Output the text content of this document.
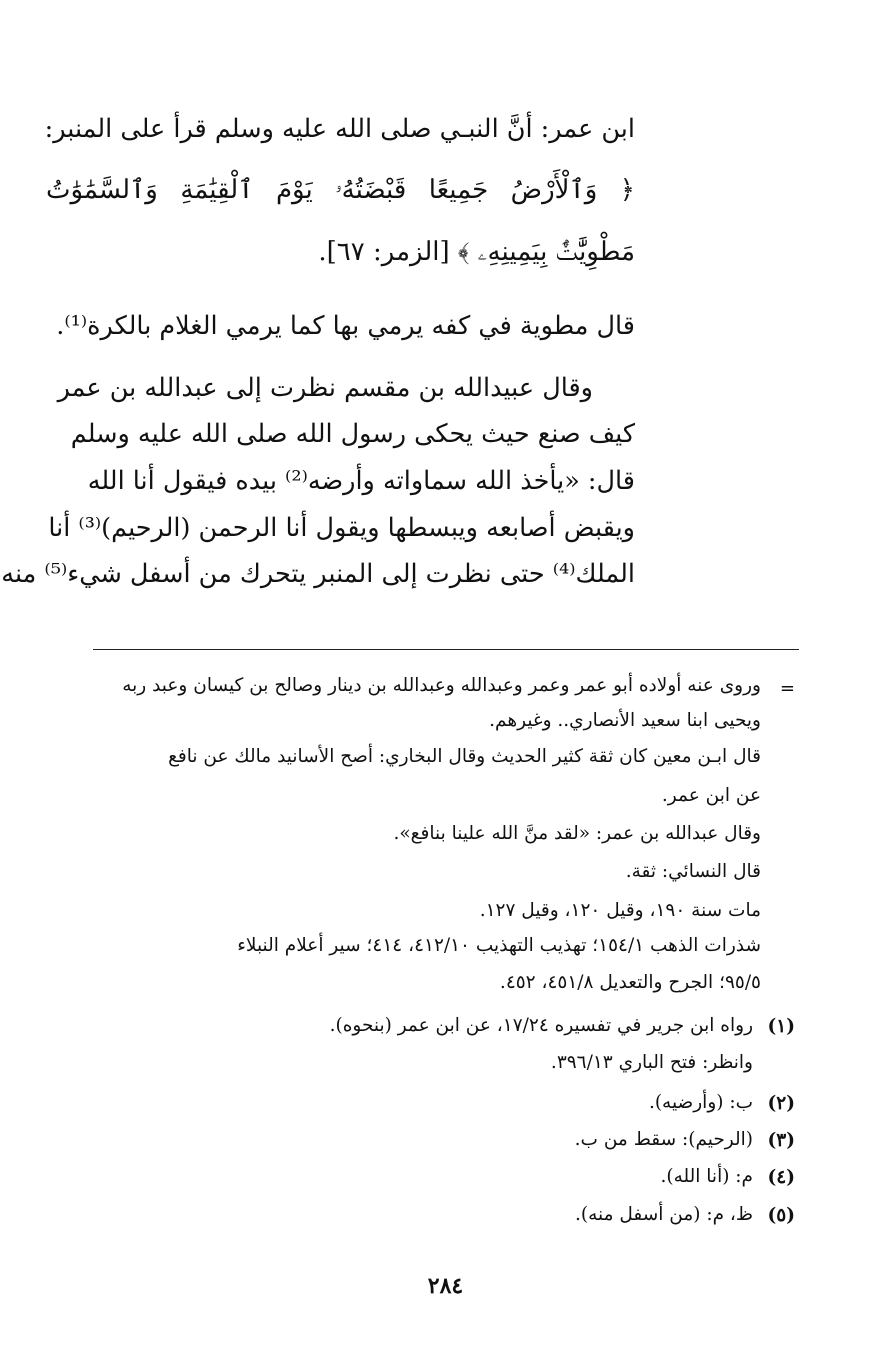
ابن عمر: أنَّ النبـي صلى الله عليه وسلم قرأ على المنبر:
﴿ وَٱلْأَرْضُ جَمِيعًا قَبْضَتُهُۥ يَوْمَ ٱلْقِيَٰمَةِ وَٱلسَّمَٰوَٰتُ
مَطْوِيَّٰتٌۢ بِيَمِينِهِۦ ﴾ [الزمر: ٦٧].
قال مطوية في كفه يرمي بها كما يرمي الغلام بالكرة⁽¹⁾.
وقال عبيدالله بن مقسم نظرت إلى عبدالله بن عمر
كيف صنع حيث يحكى رسول الله صلى الله عليه وسلم
قال: «يأخذ الله سماواته وأرضه⁽²⁾ بيده فيقول أنا الله
ويقبض أصابعه ويبسطها ويقول أنا الرحمن (الرحيم)⁽³⁾ أنا
الملك⁽⁴⁾ حتى نظرت إلى المنبر يتحرك من أسفل شيء⁽⁵⁾ منه
=
وروى عنه أولاده أبو عمر وعمر وعبدالله وعبدالله بن دينار وصالح بن كيسان وعبد ربه
ويحيى ابنا سعيد الأنصاري.. وغيرهم.
قال ابـن معين كان ثقة كثير الحديث وقال البخاري: أصح الأسانيد مالك عن نافع
عن ابن عمر.
وقال عبدالله بن عمر: «لقد منَّ الله علينا بنافع».
قال النسائي: ثقة.
مات سنة ١٩٠، وقيل ١٢٠، وقيل ١٢٧.
شذرات الذهب ١٥٤/١؛ تهذيب التهذيب ٤١٢/١٠، ٤١٤؛ سير أعلام النبلاء
٩٥/٥؛ الجرح والتعديل ٤٥١/٨، ٤٥٢.
(١)
رواه ابن جرير في تفسيره ١٧/٢٤، عن ابن عمر (بنحوه).
وانظر: فتح الباري ٣٩٦/١٣.
(٢)
ب: (وأرضيه).
(٣)
(الرحيم): سقط من ب.
(٤)
م: (أنا الله).
(٥)
ظ، م: (من أسفل منه).
٢٨٤
